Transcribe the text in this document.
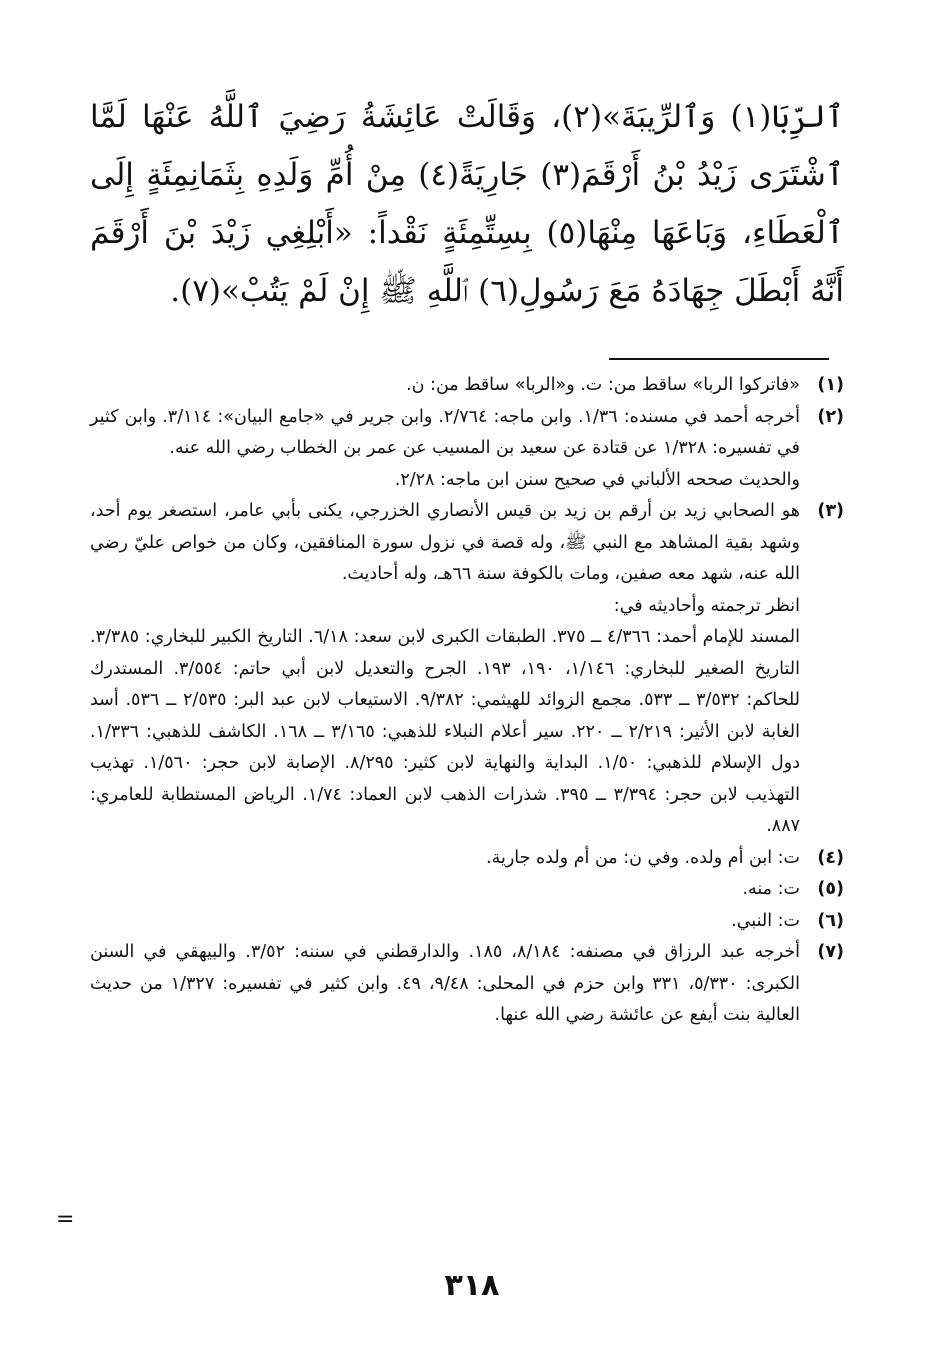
ٱلرِّبَا(١) وَٱلرِّيبَةَ»(٢)، وَقَالَتْ عَائِشَةُ رَضِيَ ٱللَّهُ عَنْهَا لَمَّا ٱشْتَرَى زَيْدُ بْنُ أَرْقَمَ(٣) جَارِيَةً(٤) مِنْ أُمِّ وَلَدِهِ بِثَمَانِمِئَةٍ إِلَى ٱلْعَطَاءِ، وَبَاعَهَا مِنْهَا(٥) بِسِتِّمِئَةٍ نَقْداً: «أَبْلِغِي زَيْدَ بْنَ أَرْقَمَ أَنَّهُ أَبْطَلَ جِهَادَهُ مَعَ رَسُولِ(٦) ٱللَّهِ ﷺ إِنْ لَمْ يَتُبْ»(٧).

(١)

«فاتركوا الربا» ساقط من: ت. و«الربا» ساقط من: ن.

(٢)

أخرجه أحمد في مسنده: ١/٣٦. وابن ماجه: ٢/٧٦٤. وابن جرير في «جامع البيان»: ٣/١١٤. وابن كثير في تفسيره: ١/٣٢٨ عن قتادة عن سعيد بن المسيب عن عمر بن الخطاب رضي الله عنه.

والحديث صححه الألباني في صحيح سنن ابن ماجه: ٢/٢٨.

(٣)

هو الصحابي زيد بن أرقم بن زيد بن قيس الأنصاري الخزرجي، يكنى بأبي عامر، استصغر يوم أحد، وشهد بقية المشاهد مع النبي ﷺ، وله قصة في نزول سورة المنافقين، وكان من خواص عليّ رضي الله عنه، شهد معه صفين، ومات بالكوفة سنة ٦٦هـ، وله أحاديث.

انظر ترجمته وأحاديثه في:

المسند للإمام أحمد: ٤/٣٦٦ ــ ٣٧٥. الطبقات الكبرى لابن سعد: ٦/١٨. التاريخ الكبير للبخاري: ٣/٣٨٥. التاريخ الصغير للبخاري: ١/١٤٦، ١٩٠، ١٩٣. الجرح والتعديل لابن أبي حاتم: ٣/٥٥٤. المستدرك للحاكم: ٣/٥٣٢ ــ ٥٣٣. مجمع الزوائد للهيثمي: ٩/٣٨٢. الاستيعاب لابن عبد البر: ٢/٥٣٥ ــ ٥٣٦. أسد الغابة لابن الأثير: ٢/٢١٩ ــ ٢٢٠. سير أعلام النبلاء للذهبي: ٣/١٦٥ ــ ١٦٨. الكاشف للذهبي: ١/٣٣٦. دول الإسلام للذهبي: ١/٥٠. البداية والنهاية لابن كثير: ٨/٢٩٥. الإصابة لابن حجر: ١/٥٦٠. تهذيب التهذيب لابن حجر: ٣/٣٩٤ ــ ٣٩٥. شذرات الذهب لابن العماد: ١/٧٤. الرياض المستطابة للعامري: ٨٨٧.

(٤)

ت: ابن أم ولده. وفي ن: من أم ولده جارية.

(٥)

ت: منه.

(٦)

ت: النبي.

(٧)

أخرجه عبد الرزاق في مصنفه: ٨/١٨٤، ١٨٥. والدارقطني في سننه: ٣/٥٢. والبيهقي في السنن الكبرى: ٥/٣٣٠، ٣٣١ وابن حزم في المحلى: ٩/٤٨، ٤٩. وابن كثير في تفسيره: ١/٣٢٧ من حديث العالية بنت أيفع عن عائشة رضي الله عنها.

=
٣١٨
